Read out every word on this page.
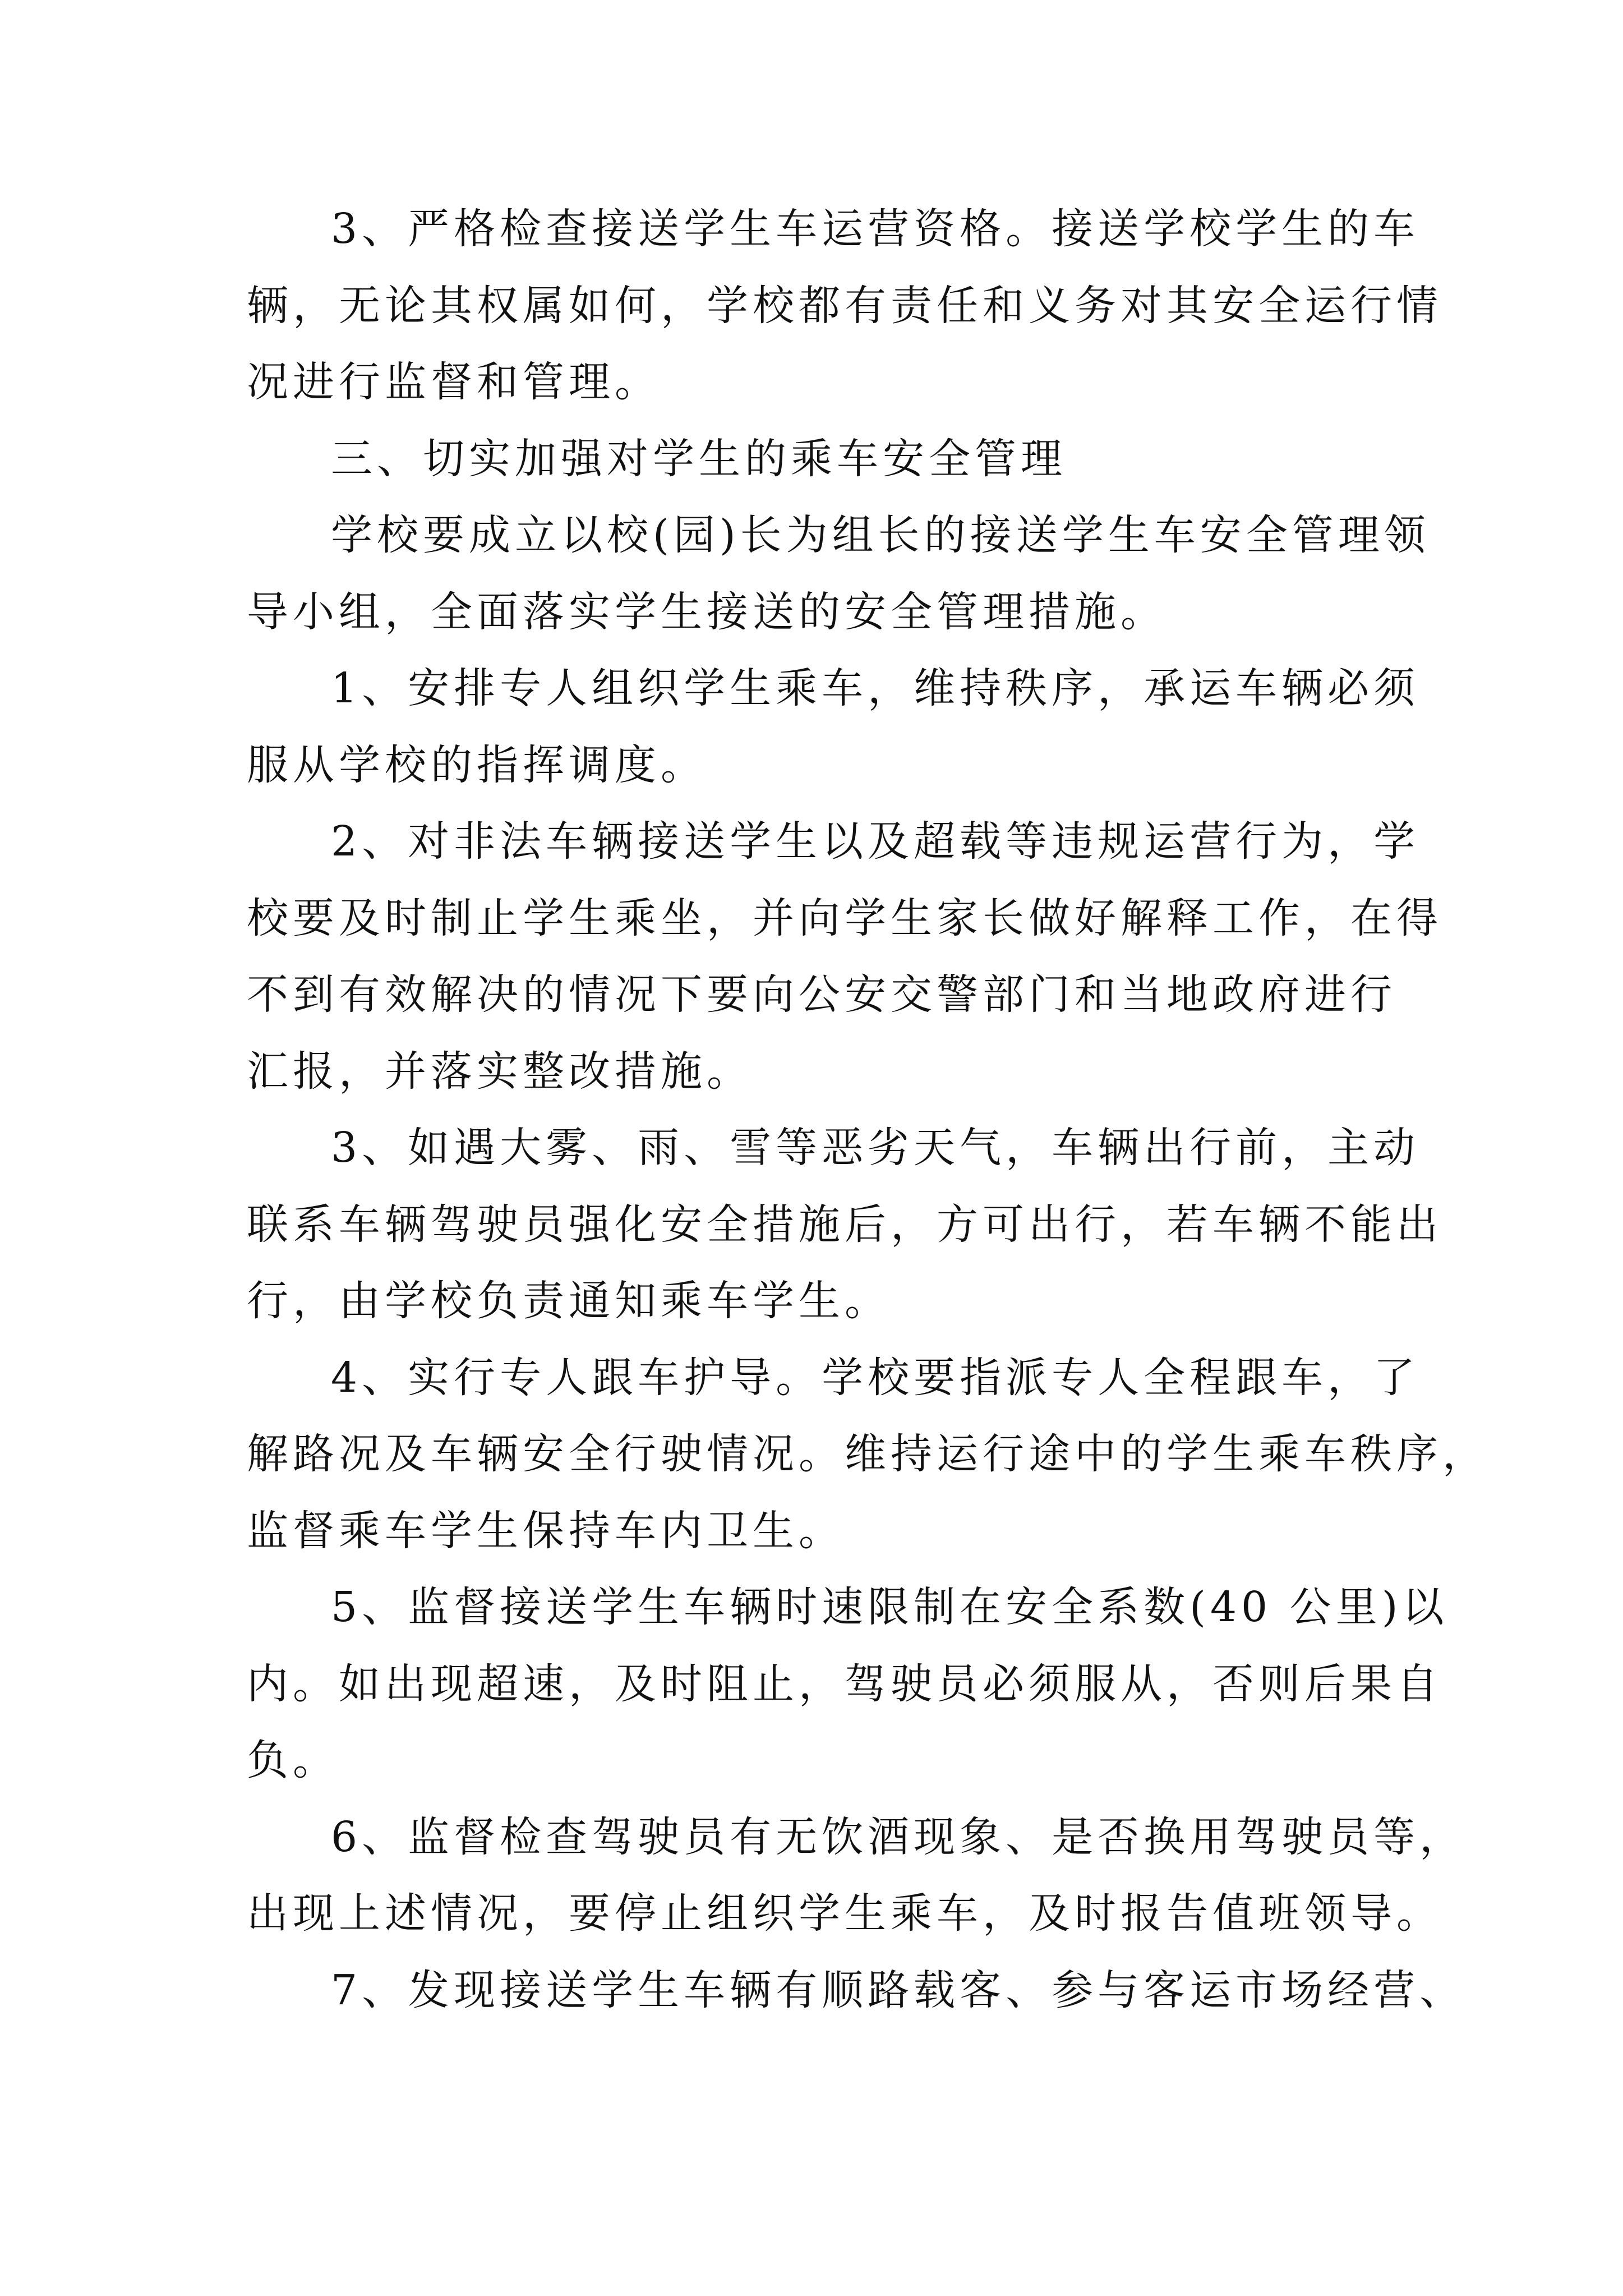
3、严格检查接送学生车运营资格。接送学校学生的车
辆，无论其权属如何，学校都有责任和义务对其安全运行情
况进行监督和管理。
三、切实加强对学生的乘车安全管理
学校要成立以校(园)长为组长的接送学生车安全管理领
导小组，全面落实学生接送的安全管理措施。
1、安排专人组织学生乘车，维持秩序，承运车辆必须
服从学校的指挥调度。
2、对非法车辆接送学生以及超载等违规运营行为，学
校要及时制止学生乘坐，并向学生家长做好解释工作，在得
不到有效解决的情况下要向公安交警部门和当地政府进行
汇报，并落实整改措施。
3、如遇大雾、雨、雪等恶劣天气，车辆出行前，主动
联系车辆驾驶员强化安全措施后，方可出行，若车辆不能出
行，由学校负责通知乘车学生。
4、实行专人跟车护导。学校要指派专人全程跟车，了
解路况及车辆安全行驶情况。维持运行途中的学生乘车秩序，
监督乘车学生保持车内卫生。
5、监督接送学生车辆时速限制在安全系数(40 公里)以
内。如出现超速，及时阻止，驾驶员必须服从，否则后果自
负。
6、监督检查驾驶员有无饮酒现象、是否换用驾驶员等，
出现上述情况，要停止组织学生乘车，及时报告值班领导。
7、发现接送学生车辆有顺路载客、参与客运市场经营、
